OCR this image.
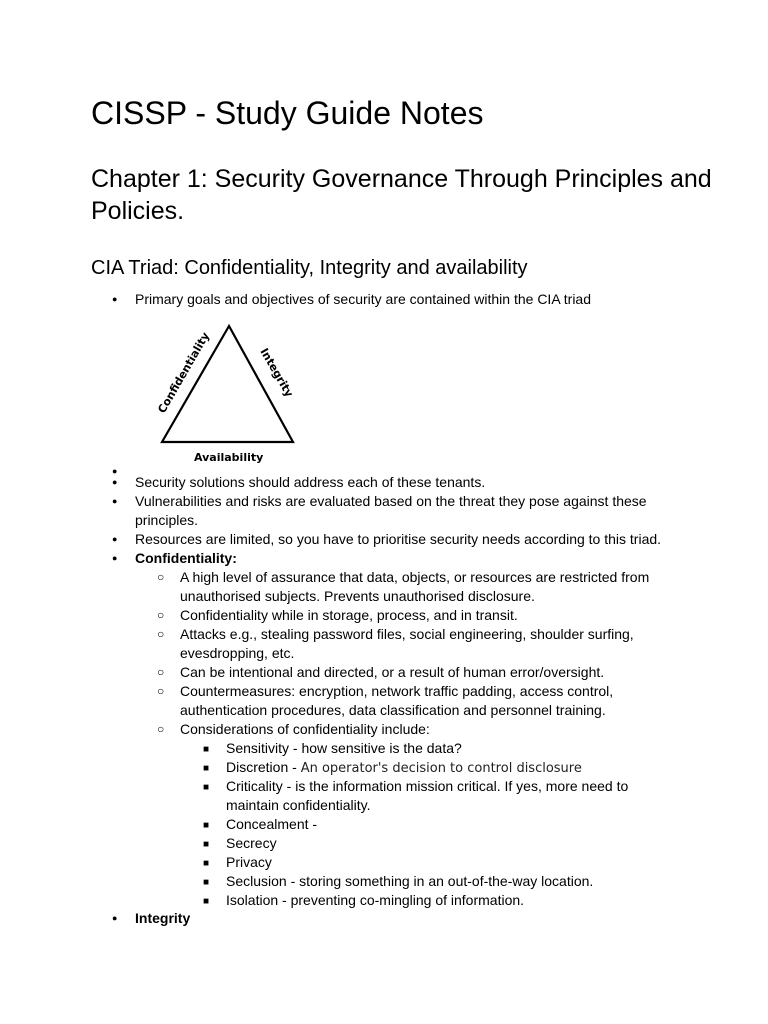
CISSP - Study Guide Notes
Chapter 1: Security Governance Through Principles and Policies.
CIA Triad: Confidentiality, Integrity and availability
●
Primary goals and objectives of security are contained within the CIA triad
Confidentiality	Integrity
Availability
●
●
Security solutions should address each of these tenants.
●
Vulnerabilities and risks are evaluated based on the threat they pose against these
principles.
●
Resources are limited, so you have to prioritise security needs according to this triad.
●
Confidentiality:
○
A high level of assurance that data, objects, or resources are restricted from
unauthorised subjects. Prevents unauthorised disclosure.
○
Confidentiality while in storage, process, and in transit.
○
Attacks e.g., stealing password files, social engineering, shoulder surfing,
evesdropping, etc.
○
Can be intentional and directed, or a result of human error/oversight.
○
Countermeasures: encryption, network traffic padding, access control,
authentication procedures, data classification and personnel training.
○
Considerations of confidentiality include:
■
Sensitivity - how sensitive is the data?
■
Discretion - An operator's decision to control disclosure
■
Criticality - is the information mission critical. If yes, more need to
maintain confidentiality.
■
Concealment -
■
Secrecy
■
Privacy
■
Seclusion - storing something in an out-of-the-way location.
■
Isolation - preventing co-mingling of information.
●
Integrity
